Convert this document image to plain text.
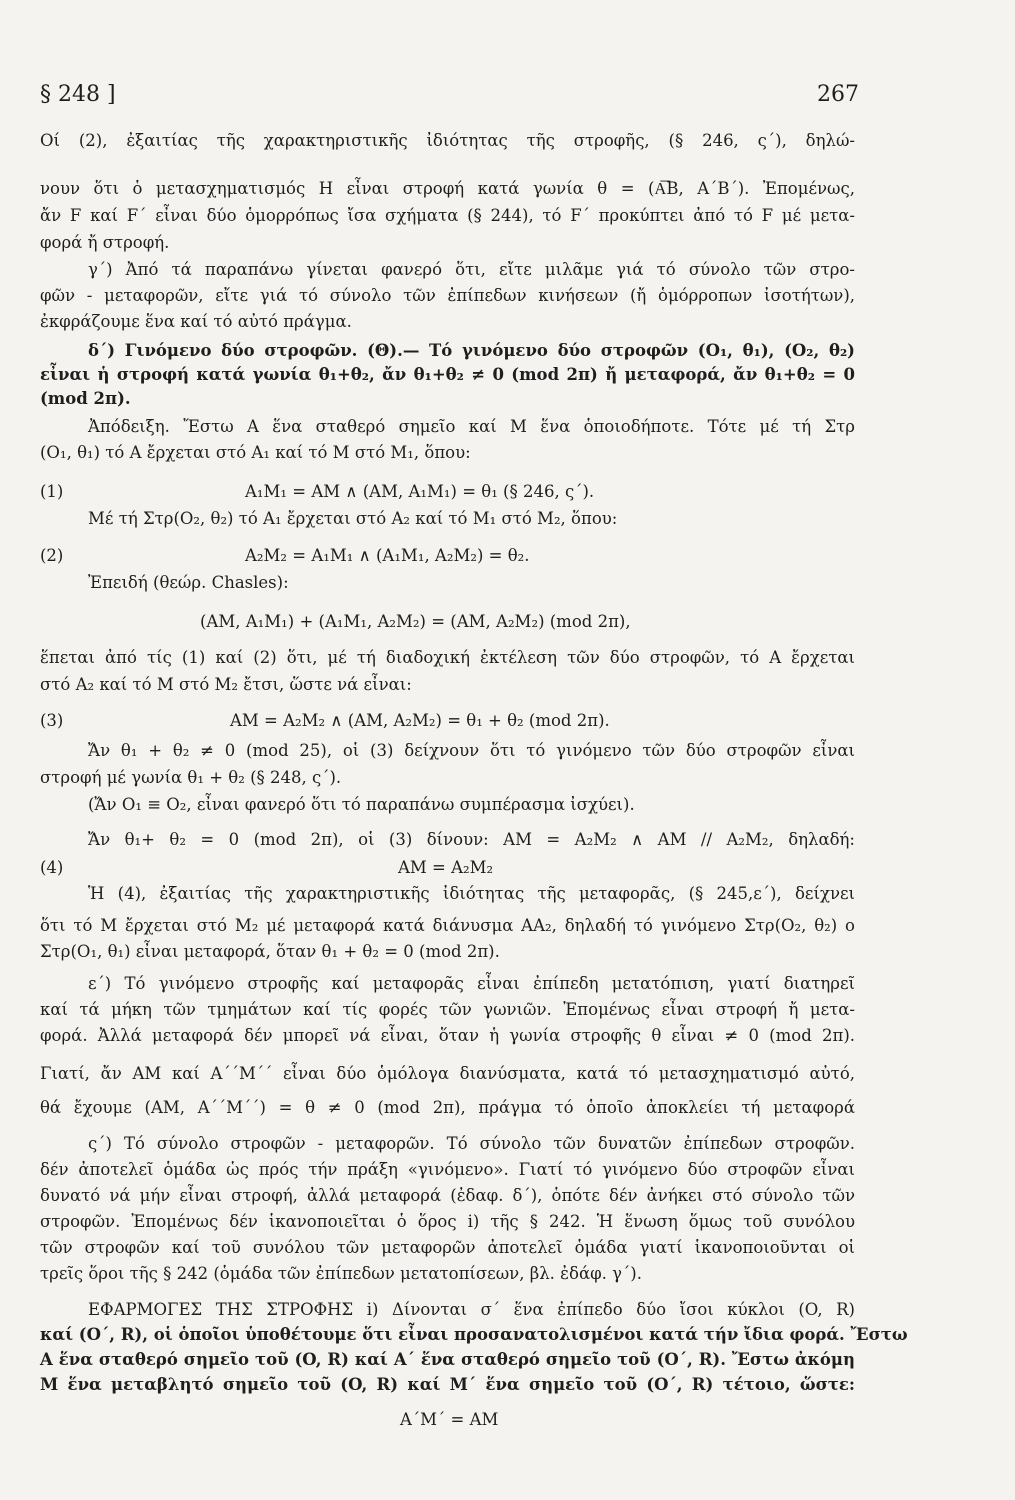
§ 248 ]	267
Οί (2), ἐξαιτίας τῆς χαρακτηριστικῆς ἰδιότητας τῆς στροφῆς, (§ 246, ς΄), δηλώ-
νουν ὅτι ὁ μετασχηματισμός Η εἶναι στροφή κατά γωνία θ = (A͞B, A΄B΄). Ἐπομένως,
ἄν F καί F΄ εἶναι δύο ὁμορρόπως ἴσα σχήματα (§ 244), τό F΄ προκύπτει ἀπό τό F μέ μετα-
φορά ἤ στροφή.
γ΄) Ἀπό τά παραπάνω γίνεται φανερό ὅτι, εἴτε μιλᾶμε γιά τό σύνολο τῶν στρο-
φῶν - μεταφορῶν, εἴτε γιά τό σύνολο τῶν ἐπίπεδων κινήσεων (ἤ ὁμόρροπων ἰσοτήτων),
ἐκφράζουμε ἕνα καί τό αὐτό πράγμα.
δ΄) Γινόμενο δύο στροφῶν. (Θ).— Τό γινόμενο δύο στροφῶν (O₁, θ₁), (O₂, θ₂)
εἶναι ἡ στροφή κατά γωνία θ₁+θ₂, ἄν θ₁+θ₂ ≠ 0 (mod 2π) ἤ μεταφορά, ἄν θ₁+θ₂ = 0
(mod 2π).
Ἀπόδειξη. Ἔστω Α ἕνα σταθερό σημεῖο καί Μ ἕνα ὁποιοδήποτε. Τότε μέ τή Στρ
(O₁, θ₁) τό Α ἔρχεται στό A₁ καί τό Μ στό M₁, ὅπου:
(1)	A₁M₁ = AM ∧ (AM, A₁M₁) = θ₁ (§ 246, ς΄).
Μέ τή Στρ(O₂, θ₂) τό A₁ ἔρχεται στό A₂ καί τό M₁ στό M₂, ὅπου:
(2)	A₂M₂ = A₁M₁ ∧ (A₁M₁, A₂M₂) = θ₂.
Ἐπειδή (θεώρ. Chasles):
(AM, A₁M₁) + (A₁M₁, A₂M₂) = (AM, A₂M₂) (mod 2π),
ἕπεται ἀπό τίς (1) καί (2) ὅτι, μέ τή διαδοχική ἐκτέλεση τῶν δύο στροφῶν, τό Α ἔρχεται
στό A₂ καί τό Μ στό M₂ ἔτσι, ὥστε νά εἶναι:
(3)	AM = A₂M₂ ∧ (AM, A₂M₂) = θ₁ + θ₂ (mod 2π).
Ἄν θ₁ + θ₂ ≠ 0 (mod 25), οἱ (3) δείχνουν ὅτι τό γινόμενο τῶν δύο στροφῶν εἶναι
στροφή μέ γωνία θ₁ + θ₂ (§ 248, ς΄).
(Ἄν O₁ ≡ O₂, εἶναι φανερό ὅτι τό παραπάνω συμπέρασμα ἰσχύει).
Ἄν θ₁+ θ₂ = 0 (mod 2π), οἱ (3) δίνουν: AM = A₂M₂ ∧ AM // A₂M₂, δηλαδή:
(4)	AM = A₂M₂
Ἡ (4), ἐξαιτίας τῆς χαρακτηριστικῆς ἰδιότητας τῆς μεταφορᾶς, (§ 245,ε΄), δείχνει
ὅτι τό Μ ἔρχεται στό M₂ μέ μεταφορά κατά διάνυσμα AA₂, δηλαδή τό γινόμενο Στρ(O₂, θ₂) ο
Στρ(O₁, θ₁) εἶναι μεταφορά, ὅταν θ₁ + θ₂ = 0 (mod 2π).
ε΄) Τό γινόμενο στροφῆς καί μεταφορᾶς εἶναι ἐπίπεδη μετατόπιση, γιατί διατηρεῖ
καί τά μήκη τῶν τμημάτων καί τίς φορές τῶν γωνιῶν. Ἐπομένως εἶναι στροφή ἤ μετα-
φορά. Ἀλλά μεταφορά δέν μπορεῖ νά εἶναι, ὅταν ἡ γωνία στροφῆς θ εἶναι ≠ 0 (mod 2π).
Γιατί, ἄν AM καί A΄΄M΄΄ εἶναι δύο ὁμόλογα διανύσματα, κατά τό μετασχηματισμό αὐτό,
θά ἔχουμε (AM, A΄΄M΄΄) = θ ≠ 0 (mod 2π), πράγμα τό ὁποῖο ἀποκλείει τή μεταφορά
ς΄) Τό σύνολο στροφῶν - μεταφορῶν. Τό σύνολο τῶν δυνατῶν ἐπίπεδων στροφῶν.
δέν ἀποτελεῖ ὁμάδα ὡς πρός τήν πράξη «γινόμενο». Γιατί τό γινόμενο δύο στροφῶν εἶναι
δυνατό νά μήν εἶναι στροφή, ἀλλά μεταφορά (ἐδαφ. δ΄), ὁπότε δέν ἀνήκει στό σύνολο τῶν
στροφῶν. Ἐπομένως δέν ἱκανοποιεῖται ὁ ὅρος i) τῆς § 242. Ἡ ἕνωση ὅμως τοῦ συνόλου
τῶν στροφῶν καί τοῦ συνόλου τῶν μεταφορῶν ἀποτελεῖ ὁμάδα γιατί ἱκανοποιοῦνται οἱ
τρεῖς ὅροι τῆς § 242 (ὁμάδα τῶν ἐπίπεδων μετατοπίσεων, βλ. ἐδάφ. γ΄).
ΕΦΑΡΜΟΓΕΣ ΤΗΣ ΣΤΡΟΦΗΣ i) Δίνονται σ΄ ἕνα ἐπίπεδο δύο ἴσοι κύκλοι (O, R)
καί (O΄, R), οἱ ὁποῖοι ὑποθέτουμε ὅτι εἶναι προσανατολισμένοι κατά τήν ἴδια φορά. Ἔστω
Α ἕνα σταθερό σημεῖο τοῦ (O, R) καί A΄ ἕνα σταθερό σημεῖο τοῦ (O΄, R). Ἔστω ἀκόμη
Μ ἕνα μεταβλητό σημεῖο τοῦ (O, R) καί M΄ ἕνα σημεῖο τοῦ (O΄, R) τέτοιο, ὥστε:
A΄M΄ = AM
